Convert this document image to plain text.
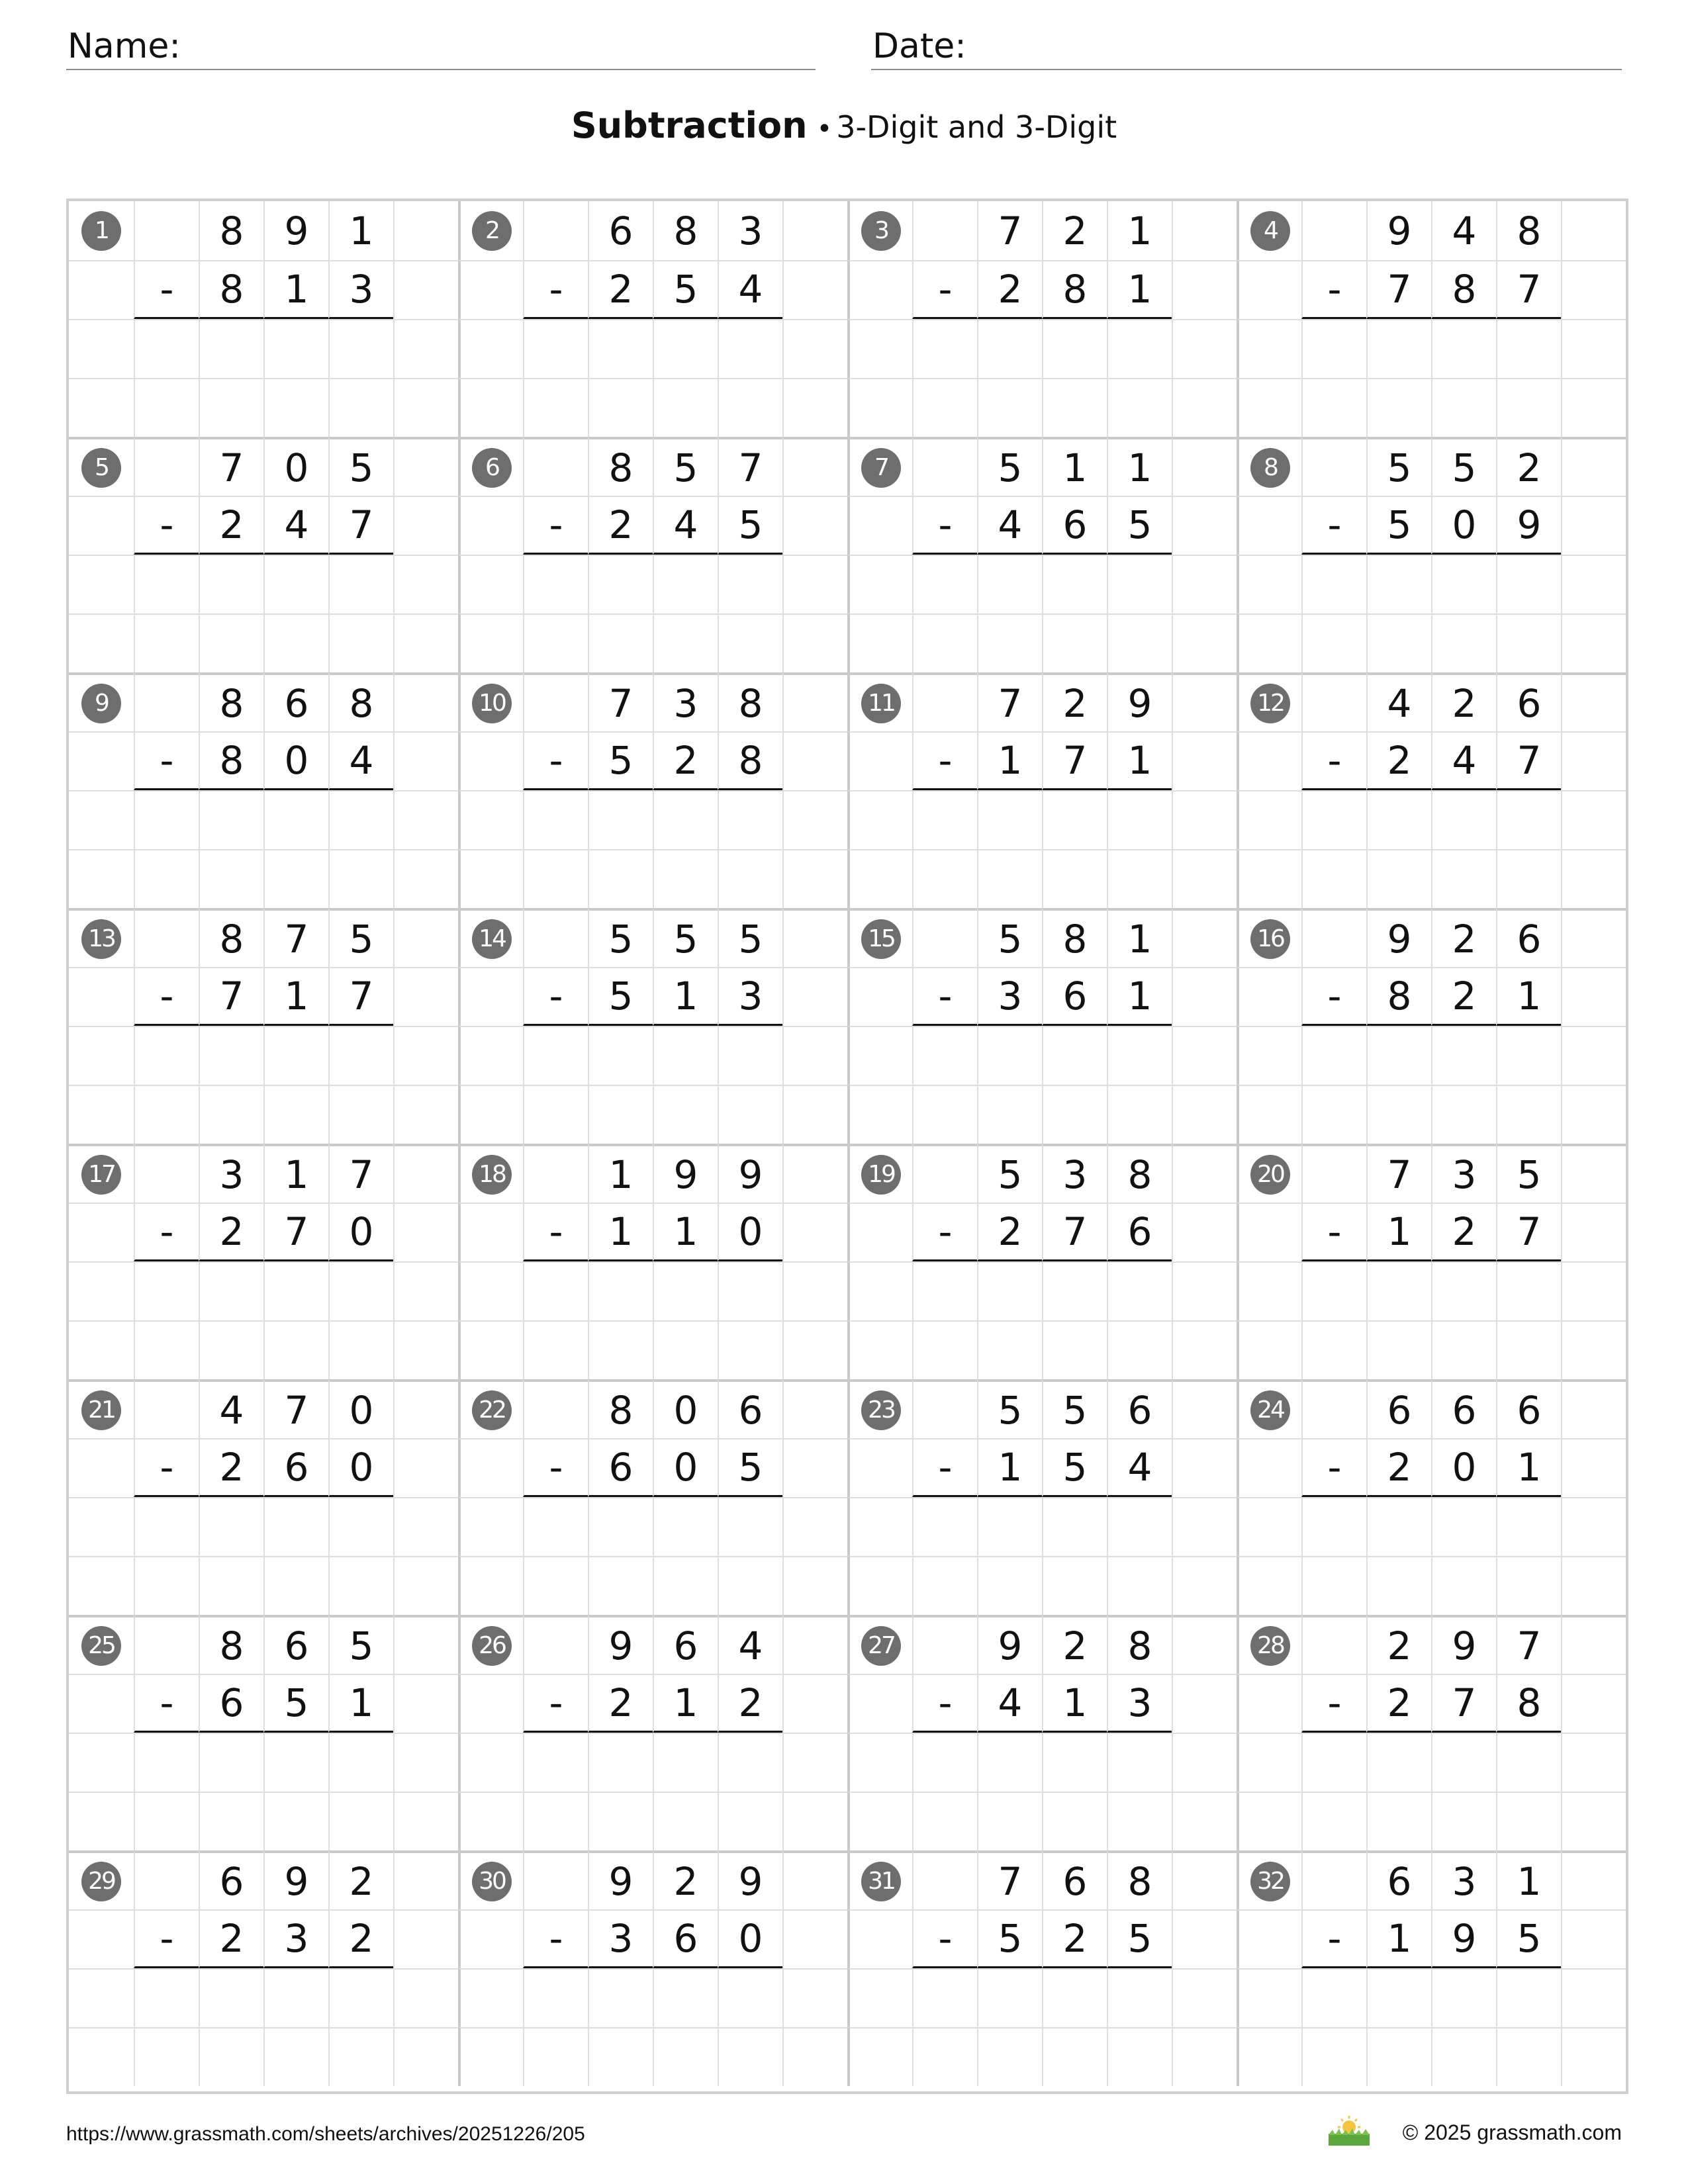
Name:	Date:
Subtraction • 3-Digit and 3-Digit
1	8	9	1
-	8	1	3
2	6	8	3
-	2	5	4
3	7	2	1
-	2	8	1
4	9	4	8
-	7	8	7
5	7	0	5
-	2	4	7
6	8	5	7
-	2	4	5
7	5	1	1
-	4	6	5
8	5	5	2
-	5	0	9
9	8	6	8
-	8	0	4
10	7	3	8
-	5	2	8
11	7	2	9
-	1	7	1
12	4	2	6
-	2	4	7
13	8	7	5
-	7	1	7
14	5	5	5
-	5	1	3
15	5	8	1
-	3	6	1
16	9	2	6
-	8	2	1
17	3	1	7
-	2	7	0
18	1	9	9
-	1	1	0
19	5	3	8
-	2	7	6
20	7	3	5
-	1	2	7
21	4	7	0
-	2	6	0
22	8	0	6
-	6	0	5
23	5	5	6
-	1	5	4
24	6	6	6
-	2	0	1
25	8	6	5
-	6	5	1
26	9	6	4
-	2	1	2
27	9	2	8
-	4	1	3
28	2	9	7
-	2	7	8
29	6	9	2
-	2	3	2
30	9	2	9
-	3	6	0
31	7	6	8
-	5	2	5
32	6	3	1
-	1	9	5
https://www.grassmath.com/sheets/archives/20251226/205	© 2025 grassmath.com
